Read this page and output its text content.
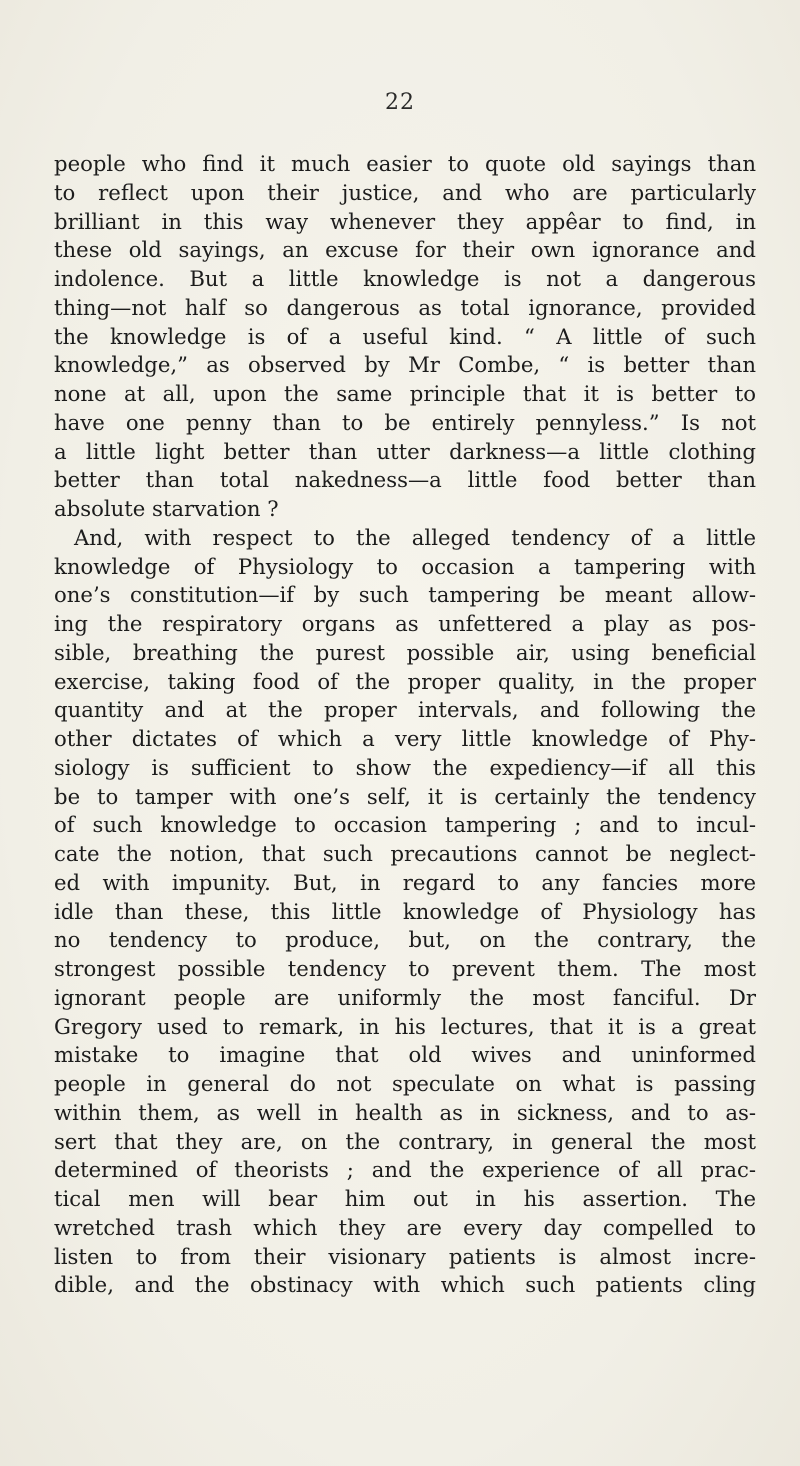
22
people who find it much easier to quote old sayings than
to reflect upon their justice, and who are particularly
brilliant in this way whenever they appêar to find, in
these old sayings, an excuse for their own ignorance and
indolence. But a little knowledge is not a dangerous
thing—not half so dangerous as total ignorance, provided
the knowledge is of a useful kind. “ A little of such
knowledge,” as observed by Mr Combe, “ is better than
none at all, upon the same principle that it is better to
have one penny than to be entirely pennyless.” Is not
a little light better than utter darkness—a little clothing
better than total nakedness—a little food better than
absolute starvation ?
And, with respect to the alleged tendency of a little
knowledge of Physiology to occasion a tampering with
one’s constitution—if by such tampering be meant allow-
ing the respiratory organs as unfettered a play as pos-
sible, breathing the purest possible air, using beneficial
exercise, taking food of the proper quality, in the proper
quantity and at the proper intervals, and following the
other dictates of which a very little knowledge of Phy-
siology is sufficient to show the expediency—if all this
be to tamper with one’s self, it is certainly the tendency
of such knowledge to occasion tampering ; and to incul-
cate the notion, that such precautions cannot be neglect-
ed with impunity. But, in regard to any fancies more
idle than these, this little knowledge of Physiology has
no tendency to produce, but, on the contrary, the
strongest possible tendency to prevent them. The most
ignorant people are uniformly the most fanciful. Dr
Gregory used to remark, in his lectures, that it is a great
mistake to imagine that old wives and uninformed
people in general do not speculate on what is passing
within them, as well in health as in sickness, and to as-
sert that they are, on the contrary, in general the most
determined of theorists ; and the experience of all prac-
tical men will bear him out in his assertion. The
wretched trash which they are every day compelled to
listen to from their visionary patients is almost incre-
dible, and the obstinacy with which such patients cling
